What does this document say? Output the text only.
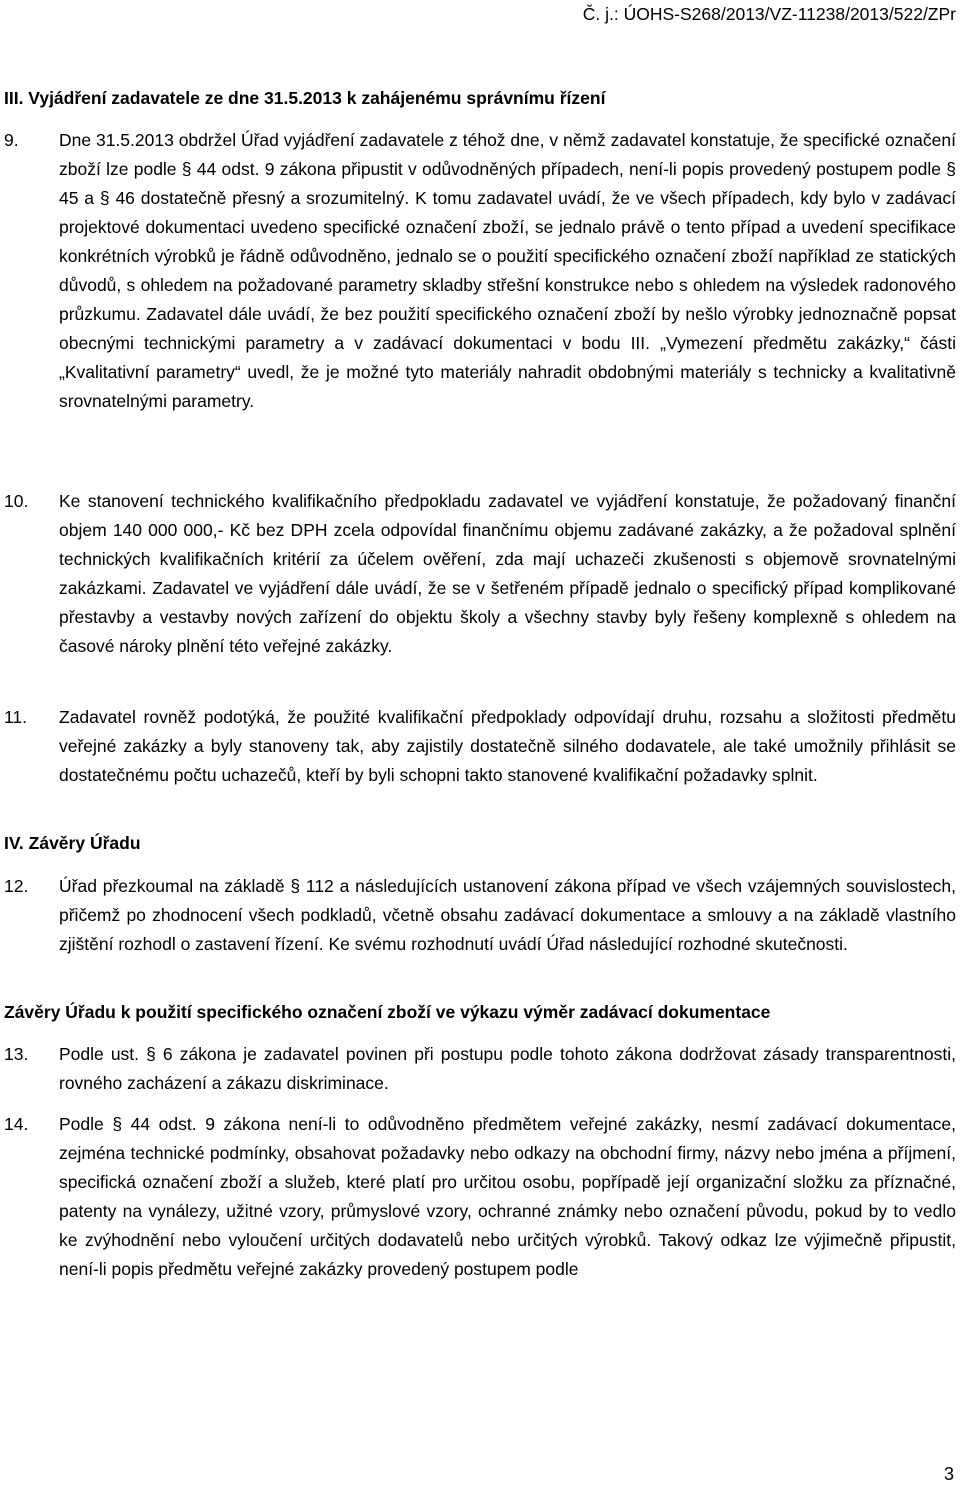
Č. j.: ÚOHS-S268/2013/VZ-11238/2013/522/ZPr
III. Vyjádření zadavatele ze dne 31.5.2013 k zahájenému správnímu řízení
9. Dne 31.5.2013 obdržel Úřad vyjádření zadavatele z téhož dne, v němž zadavatel konstatuje, že specifické označení zboží lze podle § 44 odst. 9 zákona připustit v odůvodněných případech, není-li popis provedený postupem podle § 45 a § 46 dostatečně přesný a srozumitelný. K tomu zadavatel uvádí, že ve všech případech, kdy bylo v zadávací projektové dokumentaci uvedeno specifické označení zboží, se jednalo právě o tento případ a uvedení specifikace konkrétních výrobků je řádně odůvodněno, jednalo se o použití specifického označení zboží například ze statických důvodů, s ohledem na požadované parametry skladby střešní konstrukce nebo s ohledem na výsledek radonového průzkumu. Zadavatel dále uvádí, že bez použití specifického označení zboží by nešlo výrobky jednoznačně popsat obecnými technickými parametry a v zadávací dokumentaci v bodu III. „Vymezení předmětu zakázky,“ části „Kvalitativní parametry“ uvedl, že je možné tyto materiály nahradit obdobnými materiály s technicky a kvalitativně srovnatelnými parametry.
10. Ke stanovení technického kvalifikačního předpokladu zadavatel ve vyjádření konstatuje, že požadovaný finanční objem 140 000 000,- Kč bez DPH zcela odpovídal finančnímu objemu zadávané zakázky, a že požadoval splnění technických kvalifikačních kritérií za účelem ověření, zda mají uchazeči zkušenosti s objemově srovnatelnými zakázkami. Zadavatel ve vyjádření dále uvádí, že se v šetřeném případě jednalo o specifický případ komplikované přestavby a vestavby nových zařízení do objektu školy a všechny stavby byly řešeny komplexně s ohledem na časové nároky plnění této veřejné zakázky.
11. Zadavatel rovněž podotýká, že použité kvalifikační předpoklady odpovídají druhu, rozsahu a složitosti předmětu veřejné zakázky a byly stanoveny tak, aby zajistily dostatečně silného dodavatele, ale také umožnily přihlásit se dostatečnému počtu uchazečů, kteří by byli schopni takto stanovené kvalifikační požadavky splnit.
IV. Závěry Úřadu
12. Úřad přezkoumal na základě § 112 a následujících ustanovení zákona případ ve všech vzájemných souvislostech, přičemž po zhodnocení všech podkladů, včetně obsahu zadávací dokumentace a smlouvy a na základě vlastního zjištění rozhodl o zastavení řízení. Ke svému rozhodnutí uvádí Úřad následující rozhodné skutečnosti.
Závěry Úřadu k použití specifického označení zboží ve výkazu výměr zadávací dokumentace
13. Podle ust. § 6 zákona je zadavatel povinen při postupu podle tohoto zákona dodržovat zásady transparentnosti, rovného zacházení a zákazu diskriminace.
14. Podle § 44 odst. 9 zákona není-li to odůvodněno předmětem veřejné zakázky, nesmí zadávací dokumentace, zejména technické podmínky, obsahovat požadavky nebo odkazy na obchodní firmy, názvy nebo jména a příjmení, specifická označení zboží a služeb, které platí pro určitou osobu, popřípadě její organizační složku za příznačné, patenty na vynálezy, užitné vzory, průmyslové vzory, ochranné známky nebo označení původu, pokud by to vedlo ke zvýhodnění nebo vyloučení určitých dodavatelů nebo určitých výrobků. Takový odkaz lze výjimečně připustit, není-li popis předmětu veřejné zakázky provedený postupem podle
3
